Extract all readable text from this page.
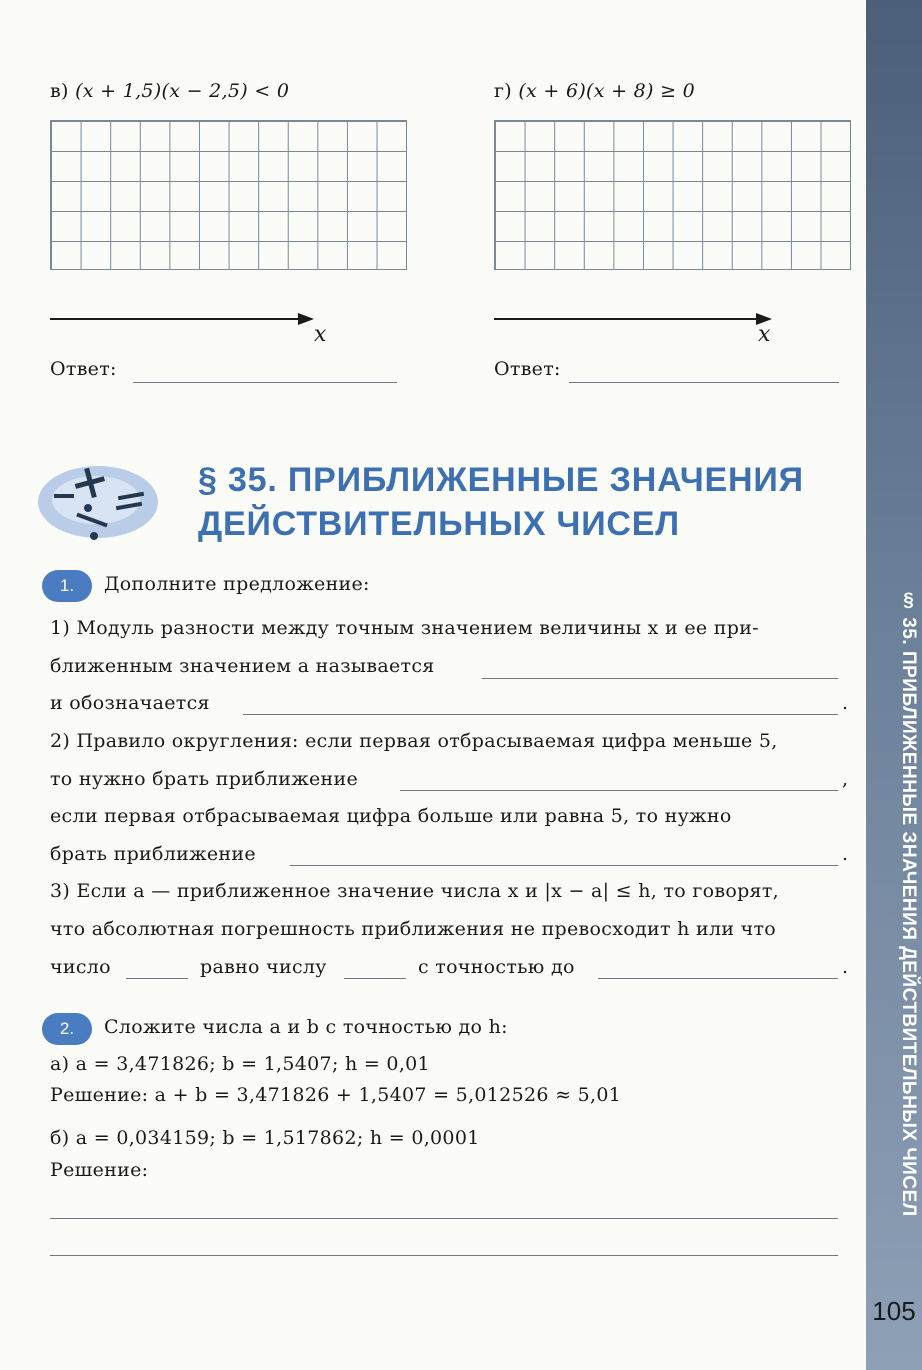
§ 35. ПРИБЛИЖЕННЫЕ ЗНАЧЕНИЯ ДЕЙСТВИТЕЛЬНЫХ ЧИСЕЛ
105
в) (x + 1,5)(x − 2,5) < 0
x
Ответ:
г) (x + 6)(x + 8) ≥ 0
x
Ответ:
§ 35. ПРИБЛИЖЕННЫЕ ЗНАЧЕНИЯ
ДЕЙСТВИТЕЛЬНЫХ ЧИСЕЛ
1.	Дополните предложение:
1) Модуль разности между точным значением величины x и ее при-
ближенным значением a называется
и обозначается	.
2) Правило округления: если первая отбрасываемая цифра меньше 5,
то нужно брать приближение	,
если первая отбрасываемая цифра больше или равна 5, то нужно
брать приближение	.
3) Если a — приближенное значение числа x и |x − a| ≤ h, то говорят,
что абсолютная погрешность приближения не превосходит h или что
число	равно числу	с точностью до	.
2.	Сложите числа a и b с точностью до h:
а) a = 3,471826; b = 1,5407; h = 0,01
Решение: a + b = 3,471826 + 1,5407 = 5,012526 ≈ 5,01
б) a = 0,034159; b = 1,517862; h = 0,0001
Решение:
